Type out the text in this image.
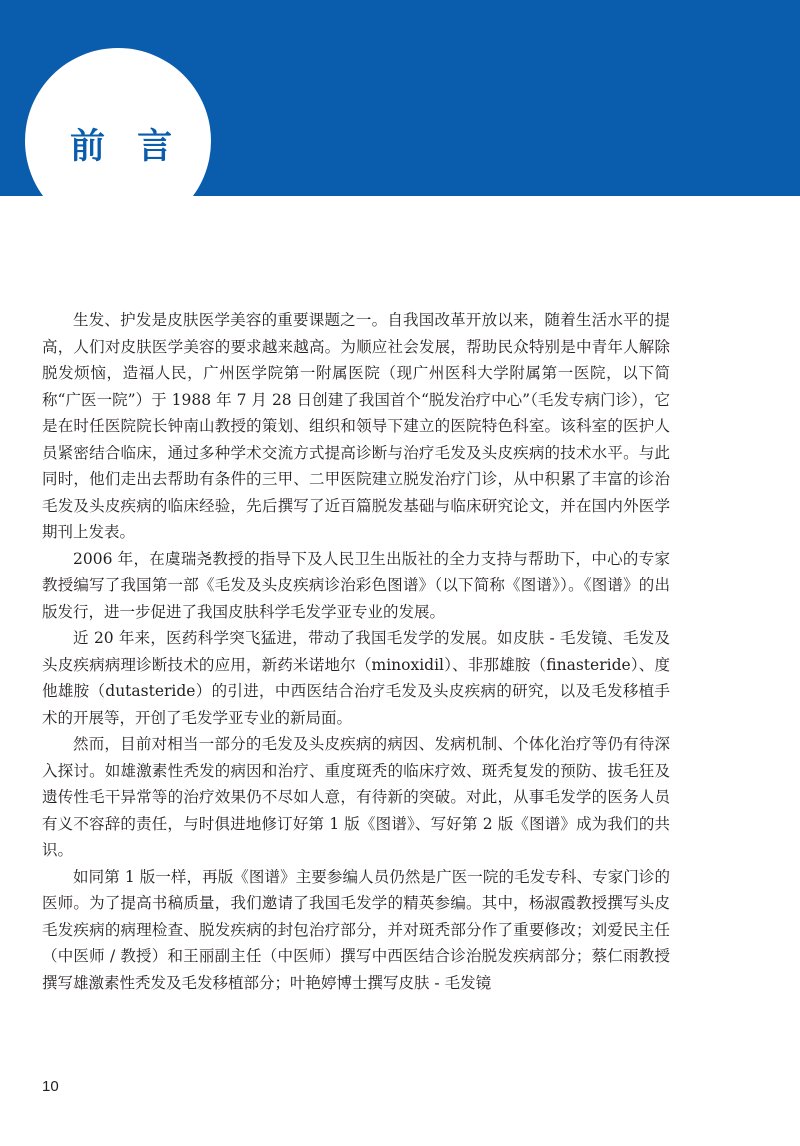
前 言

生发、护发是皮肤医学美容的重要课题之一。自我国改革开放以来，随着生活水平的提高，人们对皮肤医学美容的要求越来越高。为顺应社会发展，帮助民众特别是中青年人解除脱发烦恼，造福人民，广州医学院第一附属医院（现广州医科大学附属第一医院，以下简称“广医一院”）于 1988 年 7 月 28 日创建了我国首个“脱发治疗中心”（毛发专病门诊），它是在时任医院院长钟南山教授的策划、组织和领导下建立的医院特色科室。该科室的医护人员紧密结合临床，通过多种学术交流方式提高诊断与治疗毛发及头皮疾病的技术水平。与此同时，他们走出去帮助有条件的三甲、二甲医院建立脱发治疗门诊，从中积累了丰富的诊治毛发及头皮疾病的临床经验，先后撰写了近百篇脱发基础与临床研究论文，并在国内外医学期刊上发表。

2006 年，在虞瑞尧教授的指导下及人民卫生出版社的全力支持与帮助下，中心的专家教授编写了我国第一部《毛发及头皮疾病诊治彩色图谱》（以下简称《图谱》）。《图谱》的出版发行，进一步促进了我国皮肤科学毛发学亚专业的发展。

近 20 年来，医药科学突飞猛进，带动了我国毛发学的发展。如皮肤 - 毛发镜、毛发及头皮疾病病理诊断技术的应用，新药米诺地尔（minoxidil）、非那雄胺（finasteride）、度他雄胺（dutasteride）的引进，中西医结合治疗毛发及头皮疾病的研究，以及毛发移植手术的开展等，开创了毛发学亚专业的新局面。

然而，目前对相当一部分的毛发及头皮疾病的病因、发病机制、个体化治疗等仍有待深入探讨。如雄激素性秃发的病因和治疗、重度斑秃的临床疗效、斑秃复发的预防、拔毛狂及遗传性毛干异常等的治疗效果仍不尽如人意，有待新的突破。对此，从事毛发学的医务人员有义不容辞的责任，与时俱进地修订好第 1 版《图谱》、写好第 2 版《图谱》成为我们的共识。

如同第 1 版一样，再版《图谱》主要参编人员仍然是广医一院的毛发专科、专家门诊的医师。为了提高书稿质量，我们邀请了我国毛发学的精英参编。其中，杨淑霞教授撰写头皮毛发疾病的病理检查、脱发疾病的封包治疗部分，并对斑秃部分作了重要修改；刘爱民主任（中医师 / 教授）和王丽副主任（中医师）撰写中西医结合诊治脱发疾病部分；蔡仁雨教授撰写雄激素性秃发及毛发移植部分；叶艳婷博士撰写皮肤 - 毛发镜

10
